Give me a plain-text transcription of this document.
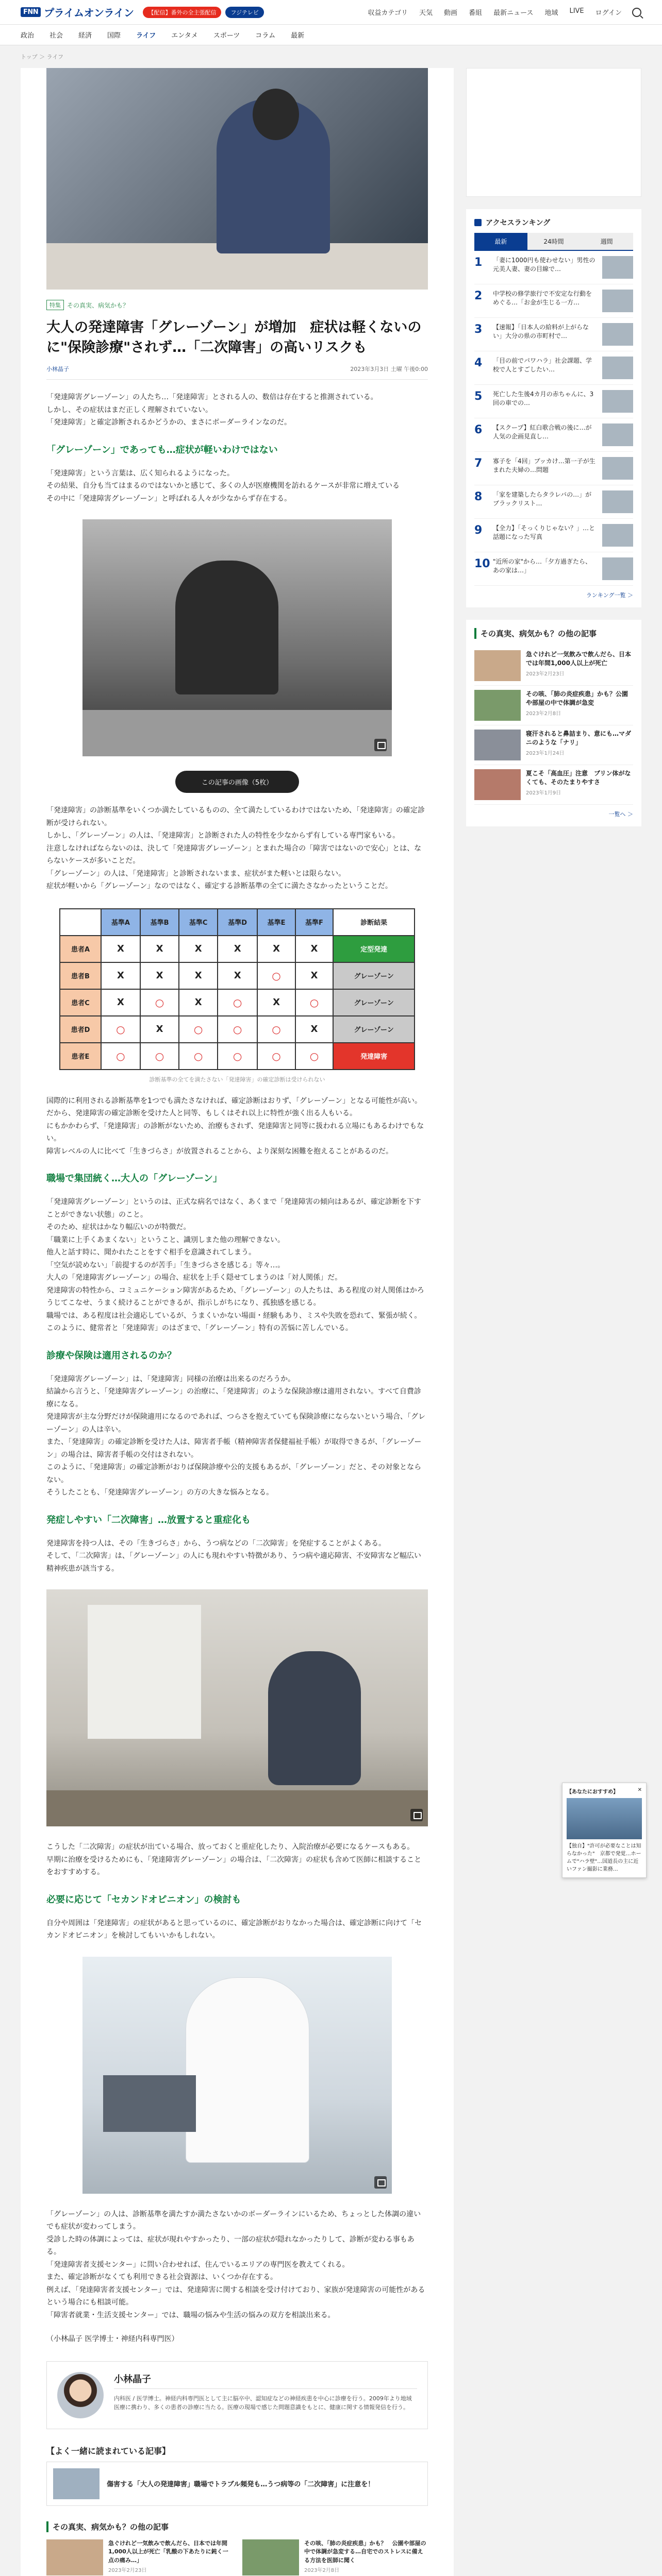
FNN プライムオンライン	【配信】番外の全主張配信	フジテレビ	収益カテゴリ 天気 動画 番組 最新ニュース 地域 LIVE ログイン
政治 社会 経済 国際 ライフ エンタメ スポーツ コラム 最新
トップ ＞ ライフ
特集	その真実、病気かも？
大人の発達障害「グレーゾーン」が増加　症状は軽くないのに"保険診療"されず…「二次障害」の高いリスクも
小林晶子	2023年3月3日 土曜 午後0:00

「発達障害グレーゾーン」の人たち…「発達障害」とされる人の、数倍は存在すると推測されている。

しかし、その症状はまだ正しく理解されていない。

「発達障害」と確定診断されるかどうかの、まさにボーダーラインなのだ。

「グレーゾーン」であっても…症状が軽いわけではない

「発達障害」という言葉は、広く知られるようになった。

その結果、自分も当てはまるのではないかと感じて、多くの人が医療機関を訪れるケースが非常に増えている

その中に「発達障害グレーゾーン」と呼ばれる人々が少なからず存在する。

この記事の画像（5枚）

「発達障害」の診断基準をいくつか満たしているものの、全て満たしているわけではないため、「発達障害」の確定診断が受けられない。

しかし、「グレーゾーン」の人は、「発達障害」と診断された人の特性を少なからず有している専門家もいる。

注意しなければならないのは、決して「発達障害グレーゾーン」とまれた場合の「障害ではないので安心」とは、ならないケースが多いことだ。

「グレーゾーン」の人は、「発達障害」と診断されないまま、症状がまた軽いとは限らない。

症状が軽いから「グレーゾーン」なのではなく、確定する診断基準の全てに満たさなかったということだ。

	基準A	基準B	基準C	基準D	基準E	基準F	診断結果
患者A	X	X	X	X	X	X	定型発達
患者B	X	X	X	X	○	X	グレーゾーン
患者C	X	○	X	○	X	○	グレーゾーン
患者D	○	X	○	○	○	X	グレーゾーン
患者E	○	○	○	○	○	○	発達障害
診断基準の全てを満たさない「発達障害」の確定診断は受けられない

国際的に利用される診断基準を1つでも満たさなければ、確定診断はおりず、「グレーゾーン」となる可能性が高い。

だから、発達障害の確定診断を受けた人と同等、もしくはそれ以上に特性が強く出る人もいる。

にもかかわらず、「発達障害」の診断がないため、治療もされず、発達障害と同等に扱われる立場にもあるわけでもない。

障害レベルの人に比べて「生きづらさ」が放置されることから、より深刻な困難を抱えることがあるのだ。

職場で集団統く…大人の「グレーゾーン」

「発達障害グレーゾーン」というのは、正式な病名ではなく、あくまで「発達障害の傾向はあるが、確定診断を下すことができない状態」のこと。

そのため、症状はかなり幅広いのが特徴だ。

「職業に上手くあまくない」ということ、識別しまた他の理解できない。

他人と話す時に、聞かれたことをすぐ相手を意識されてしまう。

「空気が読めない」「前提するのが苦手」「生きづらさを感じる」等々…。

大人の「発達障害グレーゾーン」の場合、症状を上手く隠せてしまうのは「対人関係」だ。

発達障害の特性から、コミュニケーション障害があるため、「グレーゾーン」の人たちは、ある程度の対人関係はかろうじてこなせ、うまく続けることができるが、指示しがちになり、孤独感を感じる。

職場では、ある程度は社会適応しているが、うまくいかない場面・経験もあり、ミスや失敗を恐れて、緊張が続く。

このように、健常者と「発達障害」のはざまで、「グレーゾーン」特有の苦悩に苦しんでいる。

診療や保険は適用されるのか？

「発達障害グレーゾーン」は、「発達障害」同様の治療は出来るのだろうか。

結論から言うと、「発達障害グレーゾーン」の治療に、「発達障害」のような保険診療は適用されない。すべて自費診療になる。

発達障害が主な分野だけが保険適用になるのであれば、つらさを抱えていても保険診療にならないという場合、「グレーゾーン」の人は辛い。

また、「発達障害」の確定診断を受けた人は、障害者手帳（精神障害者保健福祉手帳）が取得できるが、「グレーゾーン」の場合は、障害者手帳の交付はされない。

このように、「発達障害」の確定診断がおりば保険診療や公的支援もあるが、「グレーゾーン」だと、その対象とならない。

そうしたことも、「発達障害グレーゾーン」の方の大きな悩みとなる。

発症しやすい「二次障害」…放置すると重症化も

発達障害を持つ人は、その「生きづらさ」から、うつ病などの「二次障害」を発症することがよくある。

そして、「二次障害」は、「グレーゾーン」の人にも現れやすい特徴があり、うつ病や適応障害、不安障害など幅広い精神疾患が該当する。

こうした「二次障害」の症状が出ている場合、放っておくと重症化したり、入院治療が必要になるケースもある。

早期に治療を受けるためにも、「発達障害グレーゾーン」の場合は、「二次障害」の症状も含めて医師に相談することをおすすめする。

必要に応じて「セカンドオピニオン」の検討も

自分や周囲は「発達障害」の症状があると思っているのに、確定診断がおりなかった場合は、確定診断に向けて「セカンドオピニオン」を検討してもいいかもしれない。

「グレーゾーン」の人は、診断基準を満たすか満たさないかのボーダーラインにいるため、ちょっとした体調の違いでも症状が変わってしまう。

受診した時の体調によっては、症状が現れやすかったり、一部の症状が隠れなかったりして、診断が変わる事もある。

「発達障害者支援センター」に問い合わせれば、住んでいるエリアの専門医を教えてくれる。

また、確定診断がなくても利用できる社会資源は、いくつか存在する。

例えば、「発達障害者支援センター」では、発達障害に関する相談を受け付けており、家族が発達障害の可能性があるという場合にも相談可能。

「障害者就業・生活支援センター」では、職場の悩みや生活の悩みの双方を相談出来る。

（小林晶子 医学博士・神経内科専門医）
小林晶子
内科医 / 医学博士。神経内科専門医として主に脳卒中、認知症などの神経疾患を中心に診療を行う。2009年より地域医療に携わり、多くの患者の診療に当たる。医療の現場で感じた問題意識をもとに、健康に関する情報発信を行う。
【よく一緒に読まれている記事】
傷害する「大人の発達障害」職場でトラブル頻発も…うつ病等の「二次障害」に注意を！
その真実、病気かも？の他の記事
急ぐけれど一気飲みで飲んだら、日本では年間1,000人以上が死亡「乳酸の下あたりに鈍く一点の痛み…」
2023年2月23日
その咳、「肺の炎症疾患」かも？　公園や部屋の中で体調が急変する…自宅でのストレスに備える方法を医師に聞く
2023年2月8日
アクセスランキング
最新	24時間	週間
1	「妻に1000円も使わせない」男性の元美人妻、妻の目線で…
2	中学校の修学旅行で不安定な行動をめぐる…「お金が生じる一方…
3	【速報】「日本人の給料が上がらない」大分の県の市町村で…
4	「目の前でパワハラ」社会課題、学校で人とすごしたい…
5	死亡した生後4カ月の赤ちゃんに、3回の車での…
6	【スクープ】紅白歌合戦の後に…が人気の企画見直し…
7	寡子を「4回」ブッカけ…第一子が生まれた夫婦の…問題
8	「家を建築したらタラレバの…」がブラックリスト…
9	【全力】「そっくりじゃない？」…と話題になった写真
10 "近所の家"から…「夕方過ぎたら、あの家は…」
ランキング一覧 ＞
その真実、病気かも？の他の記事
急ぐけれど一気飲みで飲んだら、日本では年間1,000人以上が死亡
2023年2月23日
その咳、「肺の炎症疾患」かも？公園や部屋の中で体調が急変
2023年2月8日
寝汗されると鼻詰まり、意にも…マダニのような「ナリ」
2023年1月24日
夏こそ「高血圧」注意　ブリン体がなくても、そのたまりやすさ
2023年1月9日
一覧へ ＞
【あなたにおすすめ】	✕
【独自】"許可が必要なことは知らなかった"　京都で発覚…ホームで"ハラ壁"…国道長の主に近いファン撮影に業務…
